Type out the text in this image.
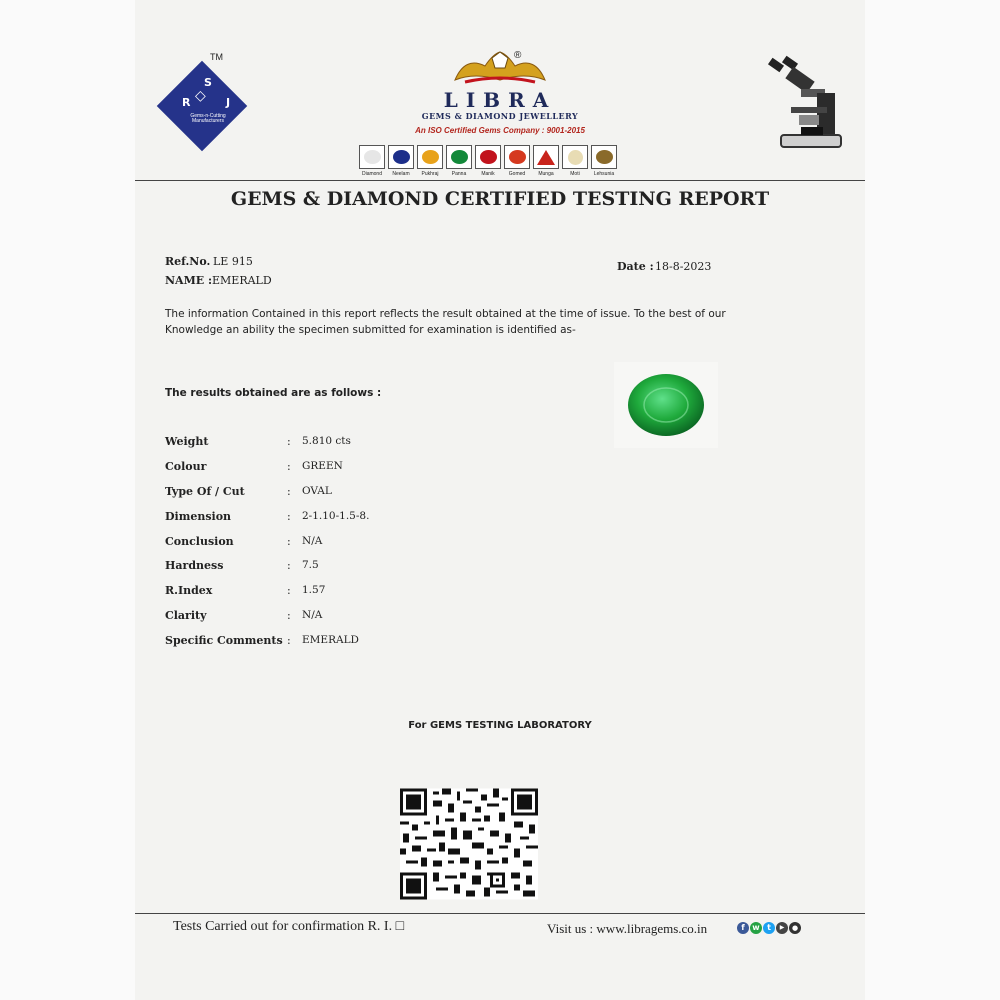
S
R	J
◇
TM
Gems-n-Cutting Manufacturers
®
LIBRA
GEMS & DIAMOND JEWELLERY
An ISO Certified Gems Company : 9001-2015
Diamond Neelam Pukhraj	Panna	Manik	Gomed	Munga	Moti	Lehsunia
GEMS & DIAMOND CERTIFIED TESTING REPORT
Ref.No. LE 915
NAME : EMERALD
Date : 18-8-2023
The information Contained in this report reflects the result obtained at the time of issue. To the best of our Knowledge an ability the specimen submitted for examination is identified as-
The results obtained are as follows :
Weight	: 5.810 cts
Colour	: GREEN
Type Of / Cut	: OVAL
Dimension	: 2-1.10-1.5-8.
Conclusion	: N/A
Hardness	: 7.5
R.Index	: 1.57
Clarity	: N/A
Specific Comments : EMERALD
For GEMS TESTING LABORATORY
Tests Carried out for confirmation R. I. □	Visit us : www.libragems.co.in	f w t	▶	●
